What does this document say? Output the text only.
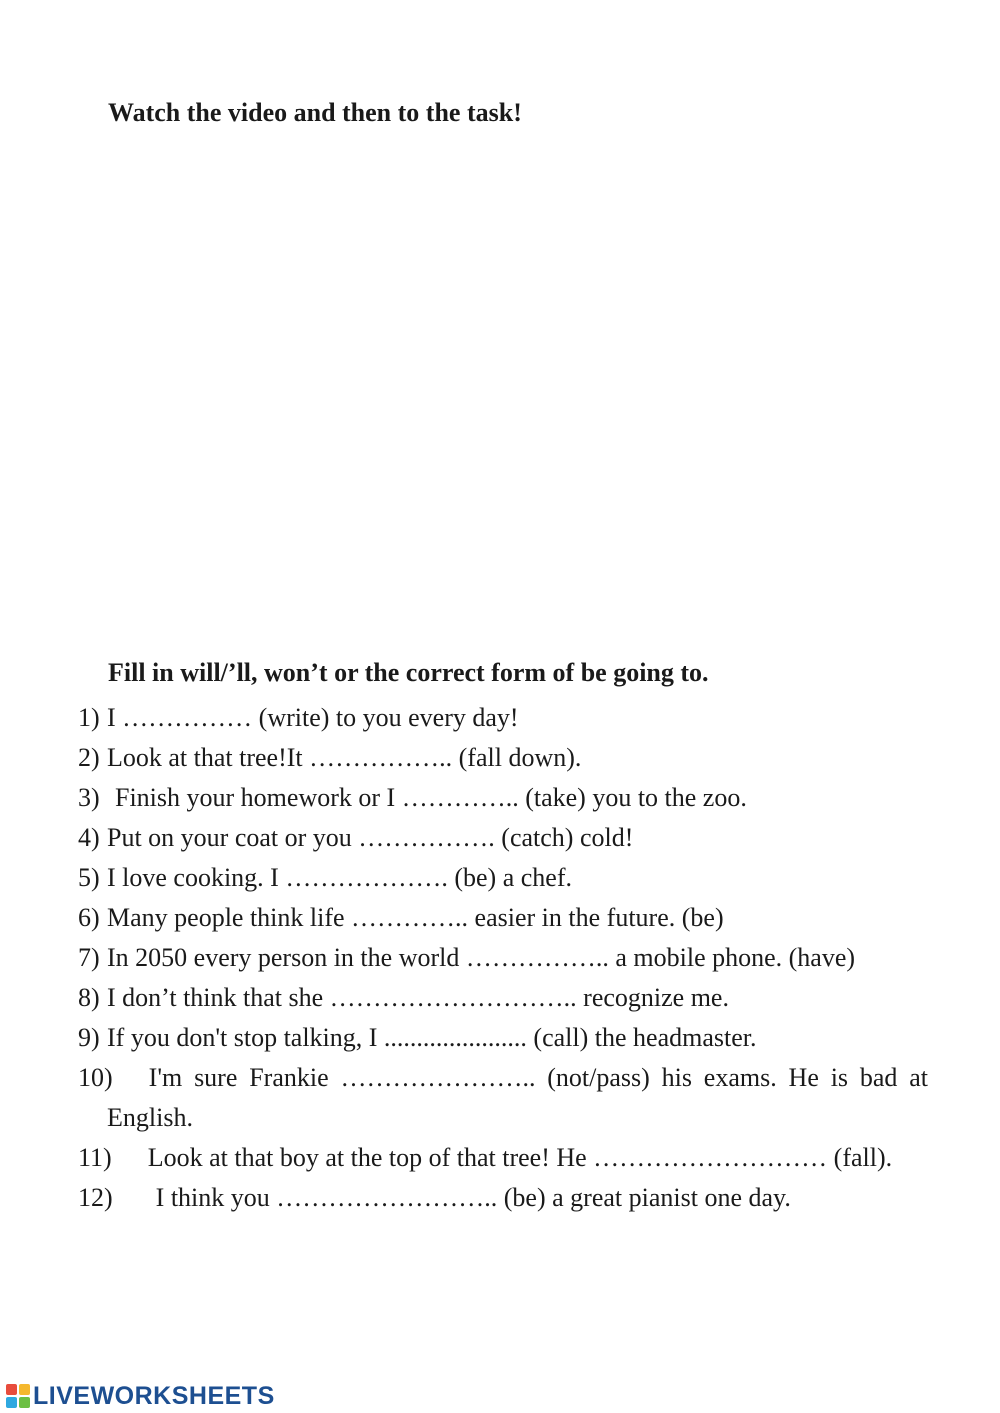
Watch the video and then to the task!
Fill in will/’ll, won’t or the correct form of be going to.
1) I …………… (write) to you every day!
2) Look at that tree!It …………….. (fall down).
3) Finish your homework or I ………….. (take) you to the zoo.
4) Put on your coat or you ……………. (catch) cold!
5) I love cooking. I ………………. (be) a chef.
6) Many people think life ………….. easier in the future. (be)
7) In 2050 every person in the world …………….. a mobile phone. (have)
8) I don’t think that she ……………………….. recognize me.
9) If you don't stop talking, I ...................... (call) the headmaster.
10) I'm sure Frankie ………………….. (not/pass) his exams. He is bad at English.
11) Look at that boy at the top of that tree! He ……………………… (fall).
12) I think you …………………….. (be) a great pianist one day.
LIVEWORKSHEETS
